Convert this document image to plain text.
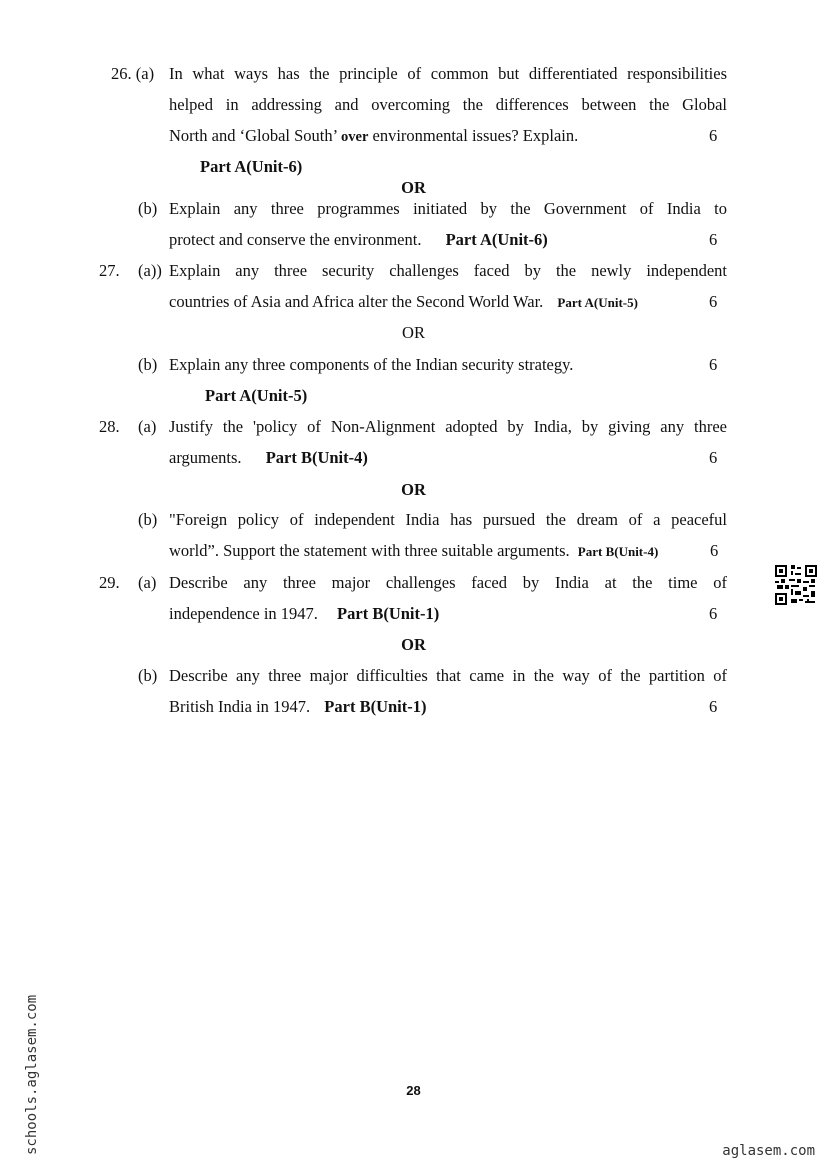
26. (a) In what ways has the principle of common but differentiated responsibilities
helped in addressing and overcoming the differences between the Global
North and ‘Global South’ over environmental issues? Explain.	6
Part A(Unit-6)
OR
(b) Explain any three programmes initiated by the Government of India to
protect and conserve the environment. Part A(Unit-6)	6
27. (a)) Explain any three security challenges faced by the newly independent
countries of Asia and Africa alter the Second World War. Part A(Unit-5)	6
OR
(b) Explain any three components of the Indian security strategy.	6
Part A(Unit-5)
28. (a) Justify the 'policy of Non-Alignment adopted by India, by giving any three
arguments. Part B(Unit-4)	6
OR
(b) "Foreign policy of independent India has pursued the dream of a peaceful
world”. Support the statement with three suitable arguments. Part B(Unit-4)	6
29. (a) Describe any three major challenges faced by India at the time of
independence in 1947. Part B(Unit-1)	6
OR
(b) Describe any three major difficulties that came in the way of the partition of
British India in 1947. Part B(Unit-1)	6
28
schools.aglasem.com	aglasem.com
